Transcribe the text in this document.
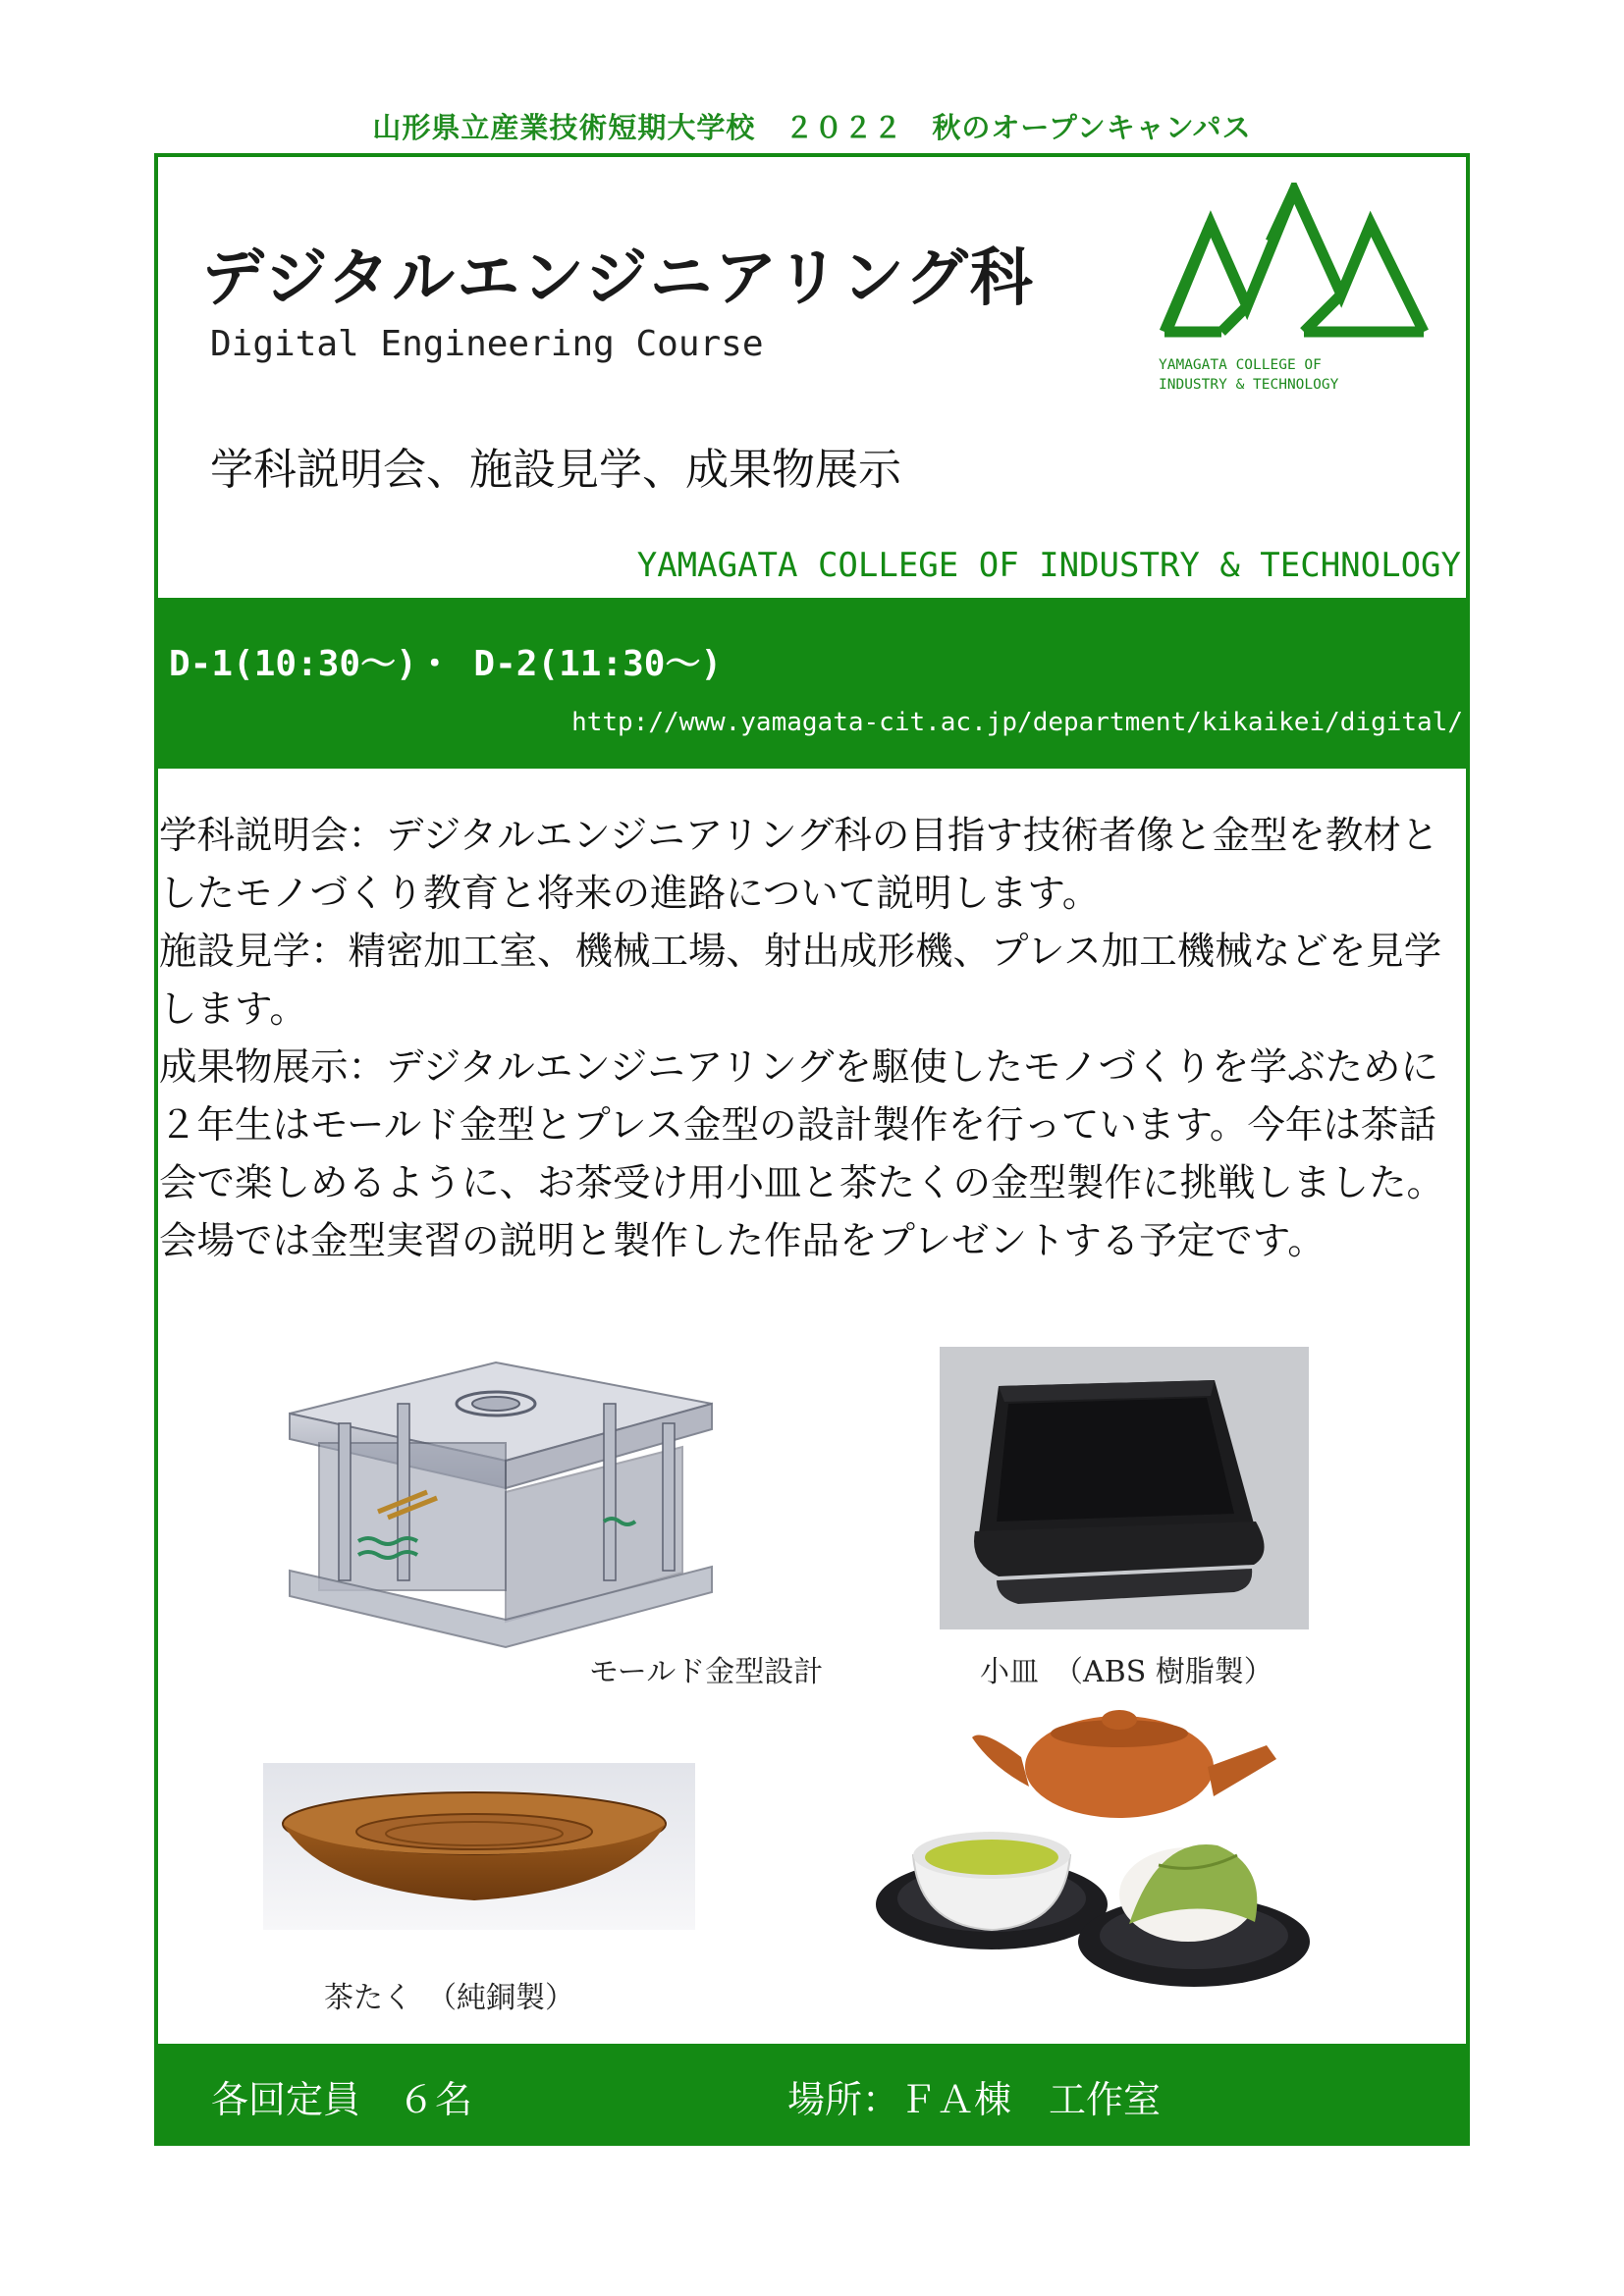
山形県立産業技術短期大学校　２０２２　秋のオープンキャンパス
デジタルエンジニアリング科
Digital Engineering Course
学科説明会、施設見学、成果物展示
YAMAGATA COLLEGE OF
INDUSTRY & TECHNOLOGY
YAMAGATA COLLEGE OF INDUSTRY & TECHNOLOGY
D-1(10:30～)・ D-2(11:30～)
http://www.yamagata-cit.ac.jp/department/kikaikei/digital/

学科説明会：デジタルエンジニアリング科の目指す技術者像と金型を教材と

したモノづくり教育と将来の進路について説明します。

施設見学：精密加工室、機械工場、射出成形機、プレス加工機械などを見学

します。

成果物展示：デジタルエンジニアリングを駆使したモノづくりを学ぶために

２年生はモールド金型とプレス金型の設計製作を行っています。今年は茶話

会で楽しめるように、お茶受け用小皿と茶たくの金型製作に挑戦しました。

会場では金型実習の説明と製作した作品をプレゼントする予定です。

モールド金型設計	小皿　（ABS 樹脂製）
茶たく　（純銅製）
各回定員　６名	場所：ＦＡ棟　工作室
